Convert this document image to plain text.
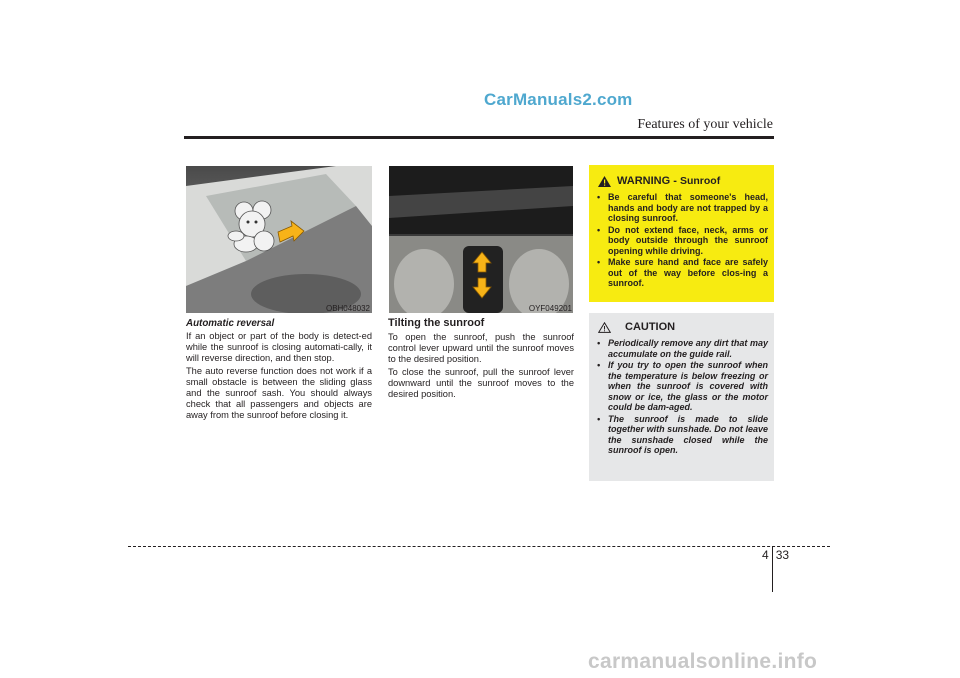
CarManuals2.com
Features of your vehicle
OBH048032	OYF049201

Automatic reversal

If an object or part of the body is detect-ed while the sunroof is closing automati-cally, it will reverse direction, and then stop.

The auto reverse function does not work if a small obstacle is between the sliding glass and the sunroof sash. You should always check that all passengers and objects are away from the sunroof before closing it.

Tilting the sunroof

To open the sunroof, push the sunroof control lever upward until the sunroof moves to the desired position.

To close the sunroof, pull the sunroof lever downward until the sunroof moves to the desired position.

WARNING - Sunroof
• Be careful that someone's head, hands and body are not trapped by a closing sunroof.
• Do not extend face, neck, arms or body outside through the sunroof opening while driving.
• Make sure hand and face are safely out of the way before clos-ing a sunroof.
CAUTION
• Periodically remove any dirt that may accumulate on the guide rail.
• If you try to open the sunroof when the temperature is below freezing or when the sunroof is covered with snow or ice, the glass or the motor could be dam-aged.
• The sunroof is made to slide together with sunshade. Do not leave the sunshade closed while the sunroof is open.
4 33
carmanualsonline.info
